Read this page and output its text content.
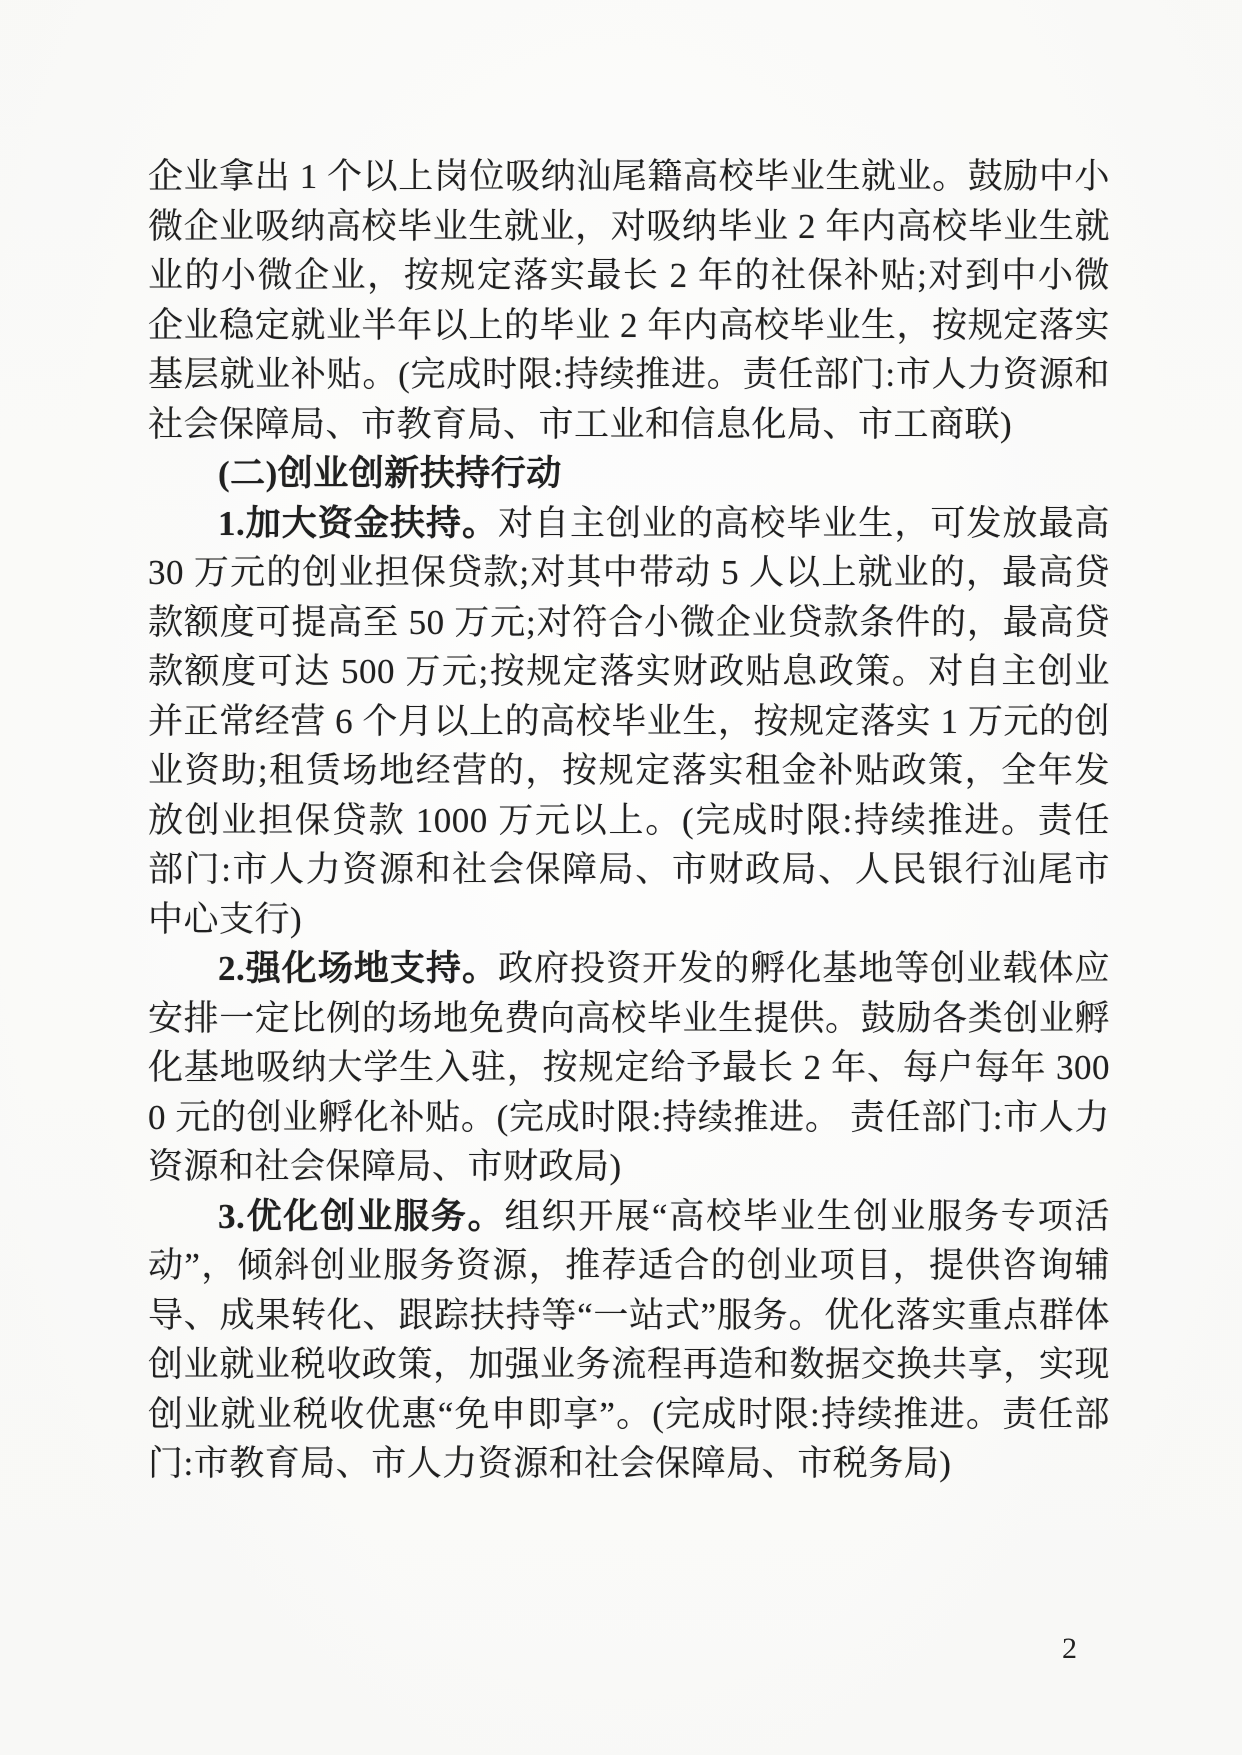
企业拿出 1 个以上岗位吸纳汕尾籍高校毕业生就业。鼓励中小微企业吸纳高校毕业生就业，对吸纳毕业 2 年内高校毕业生就业的小微企业，按规定落实最长 2 年的社保补贴;对到中小微企业稳定就业半年以上的毕业 2 年内高校毕业生，按规定落实基层就业补贴。(完成时限:持续推进。责任部门:市人力资源和社会保障局、市教育局、市工业和信息化局、市工商联)

(二)创业创新扶持行动

1.加大资金扶持。对自主创业的高校毕业生，可发放最高 30 万元的创业担保贷款;对其中带动 5 人以上就业的，最高贷款额度可提高至 50 万元;对符合小微企业贷款条件的，最高贷款额度可达 500 万元;按规定落实财政贴息政策。对自主创业并正常经营 6 个月以上的高校毕业生，按规定落实 1 万元的创业资助;租赁场地经营的，按规定落实租金补贴政策，全年发放创业担保贷款 1000 万元以上。(完成时限:持续推进。责任部门:市人力资源和社会保障局、市财政局、人民银行汕尾市中心支行)

2.强化场地支持。政府投资开发的孵化基地等创业载体应安排一定比例的场地免费向高校毕业生提供。鼓励各类创业孵化基地吸纳大学生入驻，按规定给予最长 2 年、每户每年 3000 元的创业孵化补贴。(完成时限:持续推进。 责任部门:市人力资源和社会保障局、市财政局)

3.优化创业服务。组织开展“高校毕业生创业服务专项活动”，倾斜创业服务资源，推荐适合的创业项目，提供咨询辅导、成果转化、跟踪扶持等“一站式”服务。优化落实重点群体创业就业税收政策，加强业务流程再造和数据交换共享，实现创业就业税收优惠“免申即享”。(完成时限:持续推进。责任部门:市教育局、市人力资源和社会保障局、市税务局)

2
